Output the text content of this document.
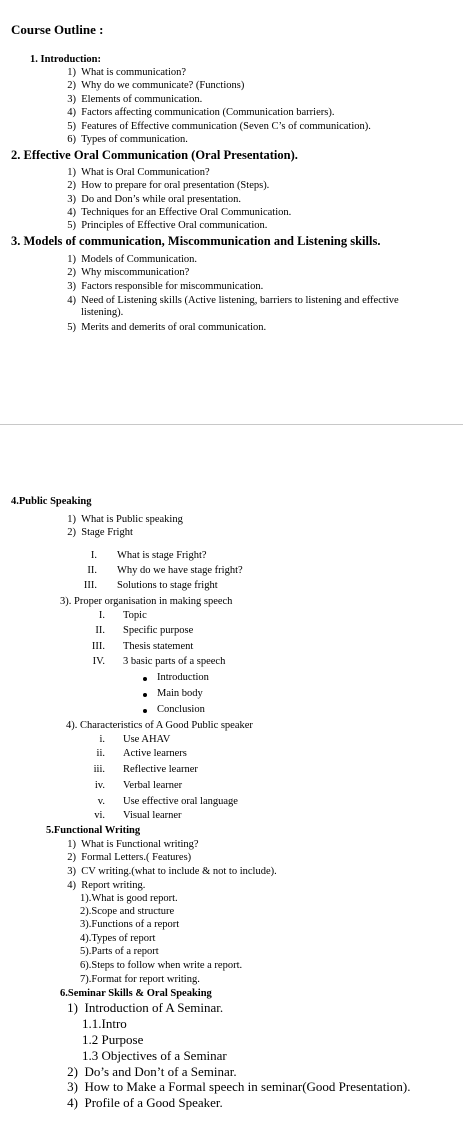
Course Outline :
1. Introduction:
1) What is communication?
2) Why do we communicate? (Functions)
3) Elements of communication.
4) Factors affecting communication (Communication barriers).
5) Features of Effective communication (Seven C’s of communication).
6) Types of communication.
2. Effective Oral Communication (Oral Presentation).
1) What is Oral Communication?
2) How to prepare for oral presentation (Steps).
3) Do and Don’s while oral presentation.
4) Techniques for an Effective Oral Communication.
5) Principles of Effective Oral communication.
3. Models of communication, Miscommunication and Listening skills.
1) Models of Communication.
2) Why miscommunication?
3) Factors responsible for miscommunication.
4) Need of Listening skills (Active listening, barriers to listening and effective
listening).
5) Merits and demerits of oral communication.
4.Public Speaking
1) What is Public speaking
2) Stage Fright
I. What is stage Fright?
II. Why do we have stage fright?
III. Solutions to stage fright
3). Proper organisation in making speech
I. Topic
II. Specific purpose
III. Thesis statement
IV. 3 basic parts of a speech
Introduction
Main body
Conclusion
4). Characteristics of A Good Public speaker
i. Use AHAV
ii. Active learners
iii. Reflective learner
iv. Verbal learner
v. Use effective oral language
vi. Visual learner
5.Functional Writing
1) What is Functional writing?
2) Formal Letters.( Features)
3) CV writing.(what to include & not to include).
4) Report writing.
1).What is good report.
2).Scope and structure
3).Functions of a report
4).Types of report
5).Parts of a report
6).Steps to follow when write a report.
7).Format for report writing.
6.Seminar Skills & Oral Speaking
1) Introduction of A Seminar.
1.1.Intro
1.2 Purpose
1.3 Objectives of a Seminar
2) Do’s and Don’t of a Seminar.
3) How to Make a Formal speech in seminar(Good Presentation).
4) Profile of a Good Speaker.
